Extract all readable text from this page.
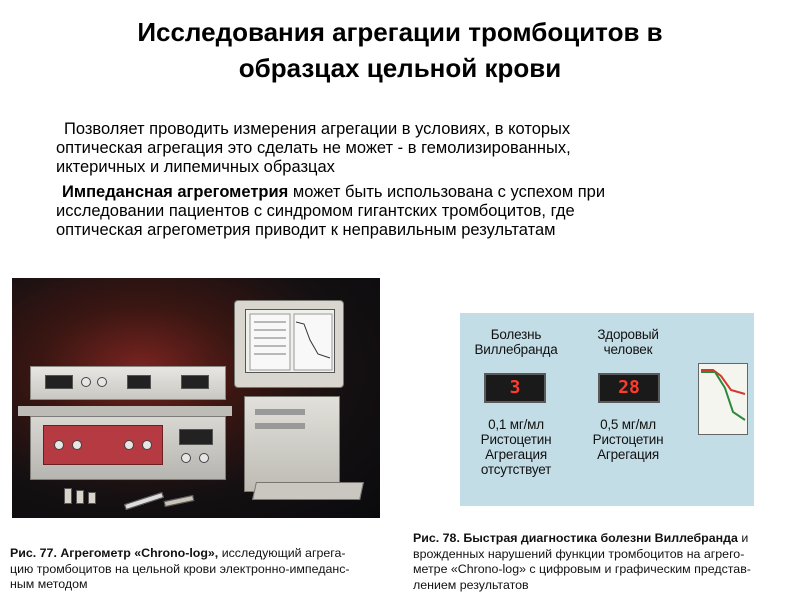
Исследования агрегации тромбоцитов в
образцах цельной крови
Позволяет проводить измерения агрегации в условиях, в которых
оптическая агрегация это сделать не может - в гемолизированных,
иктеричных и липемичных образцах
Импедансная агрегометрия может быть использована с успехом при
исследовании пациентов с синдромом гигантских тромбоцитов, где
оптическая агрегометрия приводит к неправильным результатам
Болезнь
Виллебранда
3
0,1 мг/мл
Ристоцетин
Агрегация
отсутствует
Здоровый
человек
28
0,5 мг/мл
Ристоцетин
Агрегация
Рис. 77. Агрегометр «Chrono-log», исследующий агрега-
цию тромбоцитов на цельной крови электронно-импеданс-
ным методом
Рис. 78. Быстрая диагностика болезни Виллебранда и
врожденных нарушений функции тромбоцитов на агрего-
метре «Chrono-log» с цифровым и графическим представ-
лением результатов
